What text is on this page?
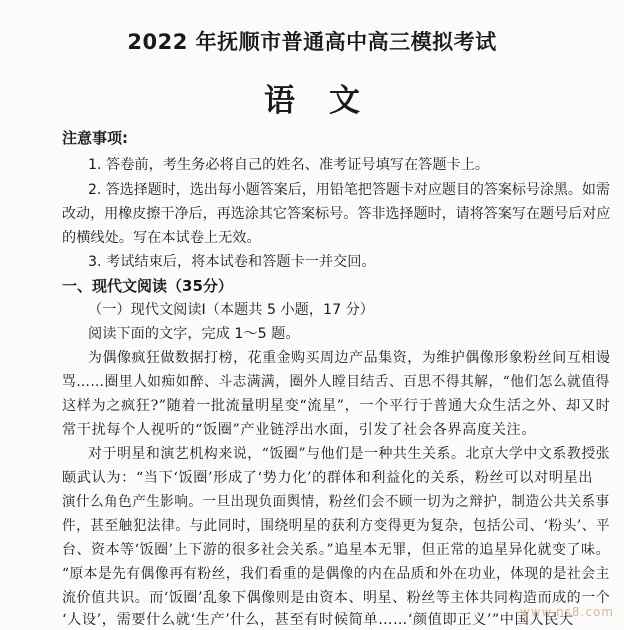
2022 年抚顺市普通高中高三模拟考试
语文
注意事项:
1. 答卷前，考生务必将自己的姓名、准考证号填写在答题卡上。
2. 答选择题时，选出每小题答案后，用铅笔把答题卡对应题目的答案标号涂黑。如需
改动，用橡皮擦干净后，再选涂其它答案标号。答非选择题时，请将答案写在题号后对应
的横线处。写在本试卷上无效。
3. 考试结束后，将本试卷和答题卡一并交回。
一、现代文阅读（35分）
（一）现代文阅读Ⅰ（本题共 5 小题，17 分）
阅读下面的文字，完成 1～5 题。
为偶像疯狂做数据打榜，花重金购买周边产品集资，为维护偶像形象粉丝间互相谩
骂……圈里人如痴如醉、斗志满满，圈外人瞠目结舌、百思不得其解，“他们怎么就值得
这样为之疯狂?”随着一批流量明星变“流星”，一个平行于普通大众生活之外、却又时
常干扰每个人视听的“饭圈”产业链浮出水面，引发了社会各界高度关注。
对于明星和演艺机构来说，“饭圈”与他们是一种共生关系。北京大学中文系教授张
颐武认为：“当下‘饭圈’形成了‘势力化’的群体和利益化的关系，粉丝可以对明星出
演什么角色产生影响。一旦出现负面舆情，粉丝们会不顾一切为之辩护，制造公共关系事
件，甚至触犯法律。与此同时，围绕明星的获利方变得更为复杂，包括公司、‘粉头’、平
台、资本等‘饭圈’上下游的很多社会关系。”追星本无罪，但正常的追星异化就变了味。
“原本是先有偶像再有粉丝，我们看重的是偶像的内在品质和外在功业，体现的是社会主
流价值共识。而‘饭圈’乱象下偶像则是由资本、明星、粉丝等主体共同构造而成的一个
‘人设’，需要什么就‘生产’什么，甚至有时候简单……‘颜值即正义’”中国人民大
www.ns8.com
